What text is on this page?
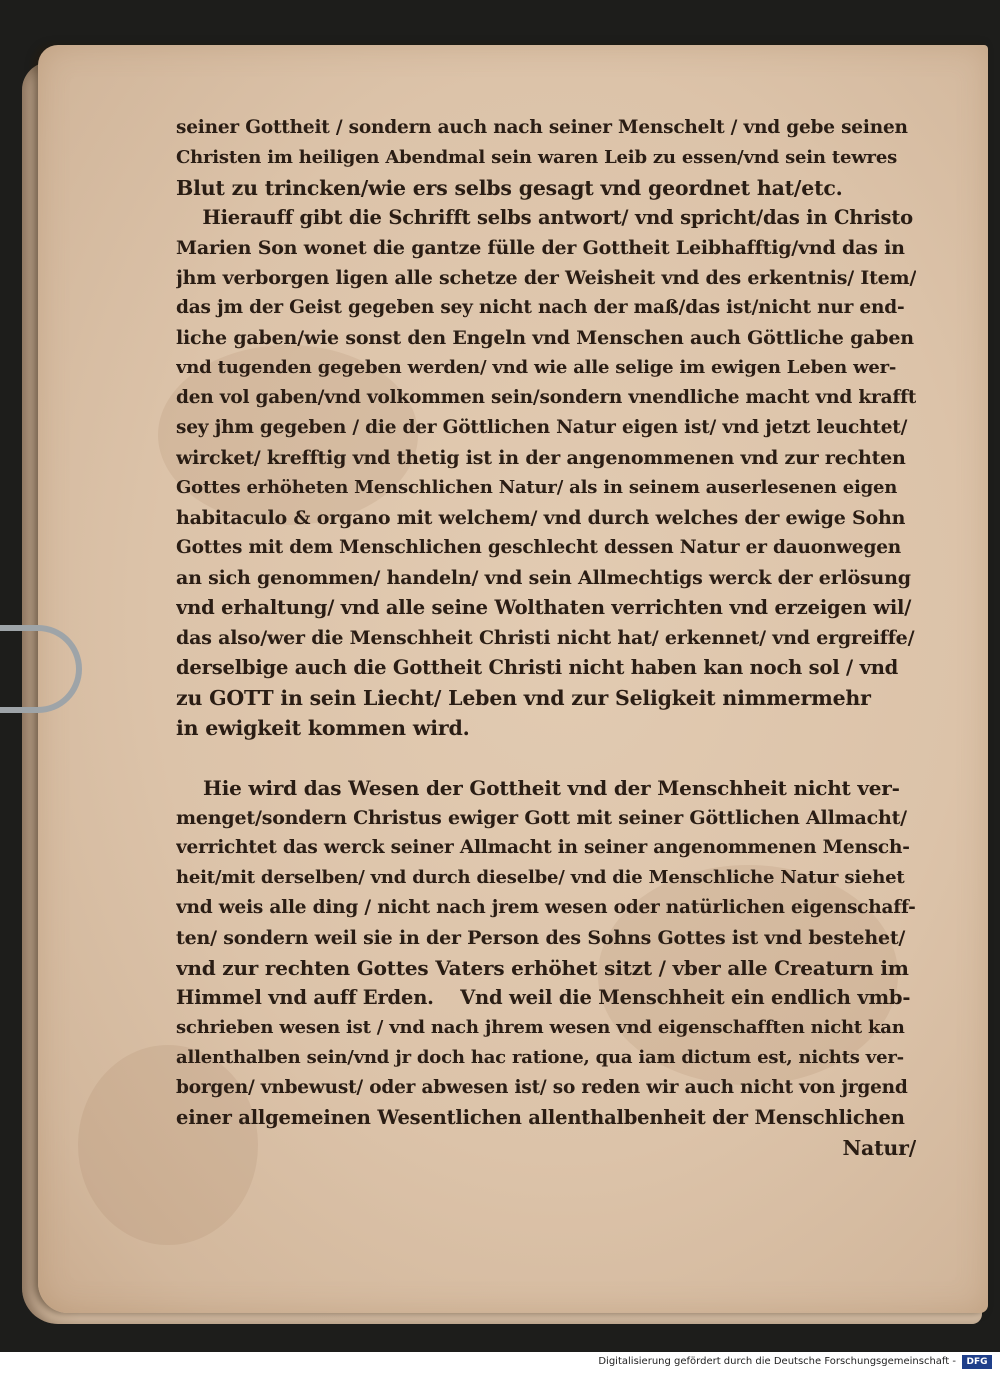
seiner Gottheit / sondern auch nach seiner Menschelt / vnd gebe seinen
Christen im heiligen Abendmal sein waren Leib zu essen/vnd sein tewres
Blut zu trincken/wie ers selbs gesagt vnd geordnet hat/etc.
Hierauff gibt die Schrifft selbs antwort/ vnd spricht/das in Christo
Marien Son wonet die gantze fülle der Gottheit Leibhafftig/vnd das in
jhm verborgen ligen alle schetze der Weisheit vnd des erkentnis/ Item/
das jm der Geist gegeben sey nicht nach der maß/das ist/nicht nur end-
liche gaben/wie sonst den Engeln vnd Menschen auch Göttliche gaben
vnd tugenden gegeben werden/ vnd wie alle selige im ewigen Leben wer-
den vol gaben/vnd volkommen sein/sondern vnendliche macht vnd krafft
sey jhm gegeben / die der Göttlichen Natur eigen ist/ vnd jetzt leuchtet/
wircket/ krefftig vnd thetig ist in der angenommenen vnd zur rechten
Gottes erhöheten Menschlichen Natur/ als in seinem auserlesenen eigen
habitaculo & organo mit welchem/ vnd durch welches der ewige Sohn
Gottes mit dem Menschlichen geschlecht dessen Natur er dauonwegen
an sich genommen/ handeln/ vnd sein Allmechtigs werck der erlösung
vnd erhaltung/ vnd alle seine Wolthaten verrichten vnd erzeigen wil/
das also/wer die Menschheit Christi nicht hat/ erkennet/ vnd ergreiffe/
derselbige auch die Gottheit Christi nicht haben kan noch sol / vnd
zu GOTT in sein Liecht/ Leben vnd zur Seligkeit nimmermehr
in ewigkeit kommen wird.
Hie wird das Wesen der Gottheit vnd der Menschheit nicht ver-
menget/sondern Christus ewiger Gott mit seiner Göttlichen Allmacht/
verrichtet das werck seiner Allmacht in seiner angenommenen Mensch-
heit/mit derselben/ vnd durch dieselbe/ vnd die Menschliche Natur siehet
vnd weis alle ding / nicht nach jrem wesen oder natürlichen eigenschaff-
ten/ sondern weil sie in der Person des Sohns Gottes ist vnd bestehet/
vnd zur rechten Gottes Vaters erhöhet sitzt / vber alle Creaturn im
Himmel vnd auff Erden.    Vnd weil die Menschheit ein endlich vmb-
schrieben wesen ist / vnd nach jhrem wesen vnd eigenschafften nicht kan
allenthalben sein/vnd jr doch hac ratione, qua iam dictum est, nichts ver-
borgen/ vnbewust/ oder abwesen ist/ so reden wir auch nicht von jrgend
einer allgemeinen Wesentlichen allenthalbenheit der Menschlichen
Natur/
Digitalisierung gefördert durch die Deutsche Forschungsgemeinschaft -	DFG
